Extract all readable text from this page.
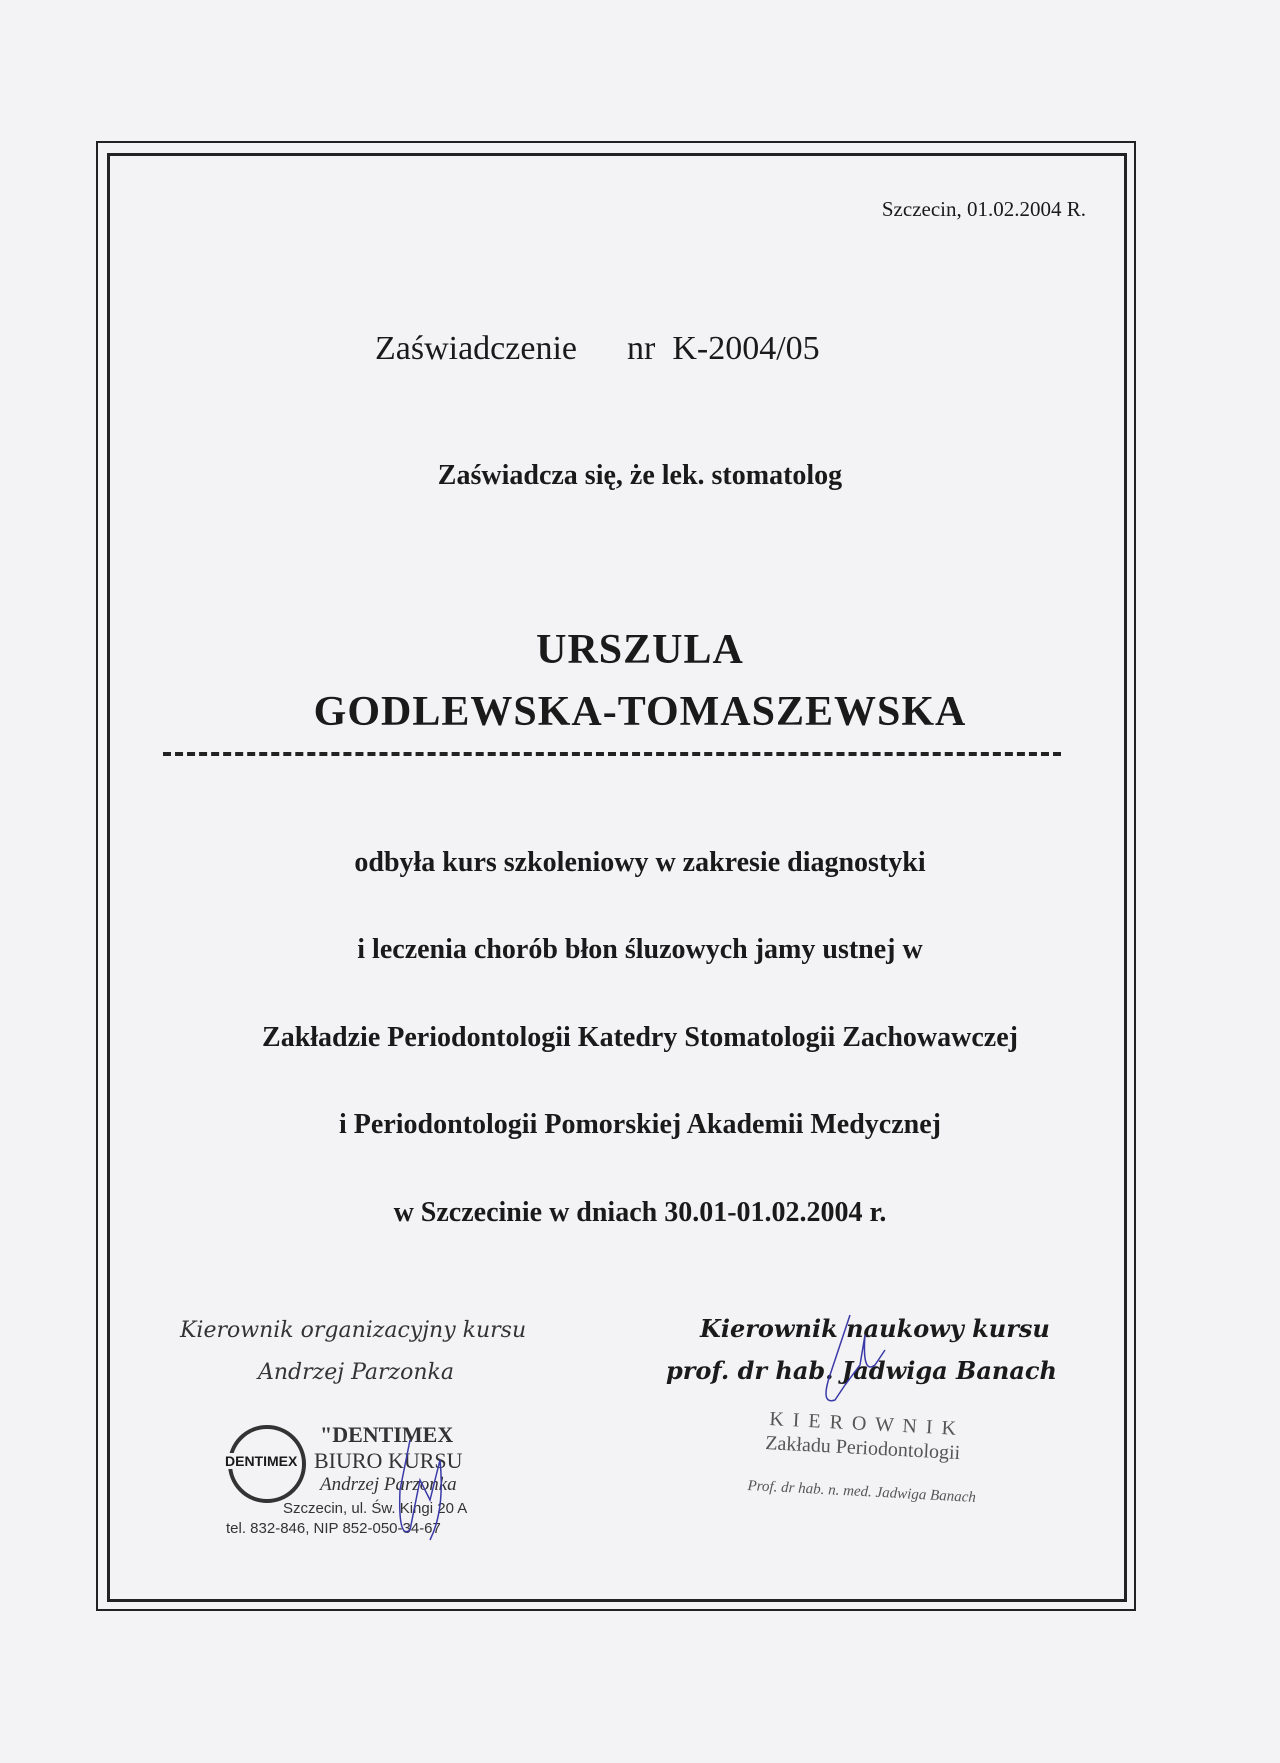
Szczecin, 01.02.2004 R.
Zaświadczenie nr  K-2004/05
Zaświadcza się, że lek. stomatolog
URSZULA
GODLEWSKA-TOMASZEWSKA
odbyła kurs szkoleniowy w zakresie diagnostyki
i leczenia chorób błon śluzowych jamy ustnej w
Zakładzie Periodontologii Katedry Stomatologii Zachowawczej
i Periodontologii Pomorskiej Akademii Medycznej
w Szczecinie w dniach 30.01-01.02.2004 r.
Kierownik organizacyjny kursu
Andrzej Parzonka
Kierownik naukowy kursu
prof. dr hab. Jadwiga Banach
DENTIMEX
"DENTIMEX
BIURO KURSU
Andrzej Parzonka
Szczecin, ul. Św. Kingi 20 A
tel. 832-846, NIP 852-050-34-67
K I E R O W N I K
Zakładu Periodontologii
Prof. dr hab. n. med. Jadwiga Banach
